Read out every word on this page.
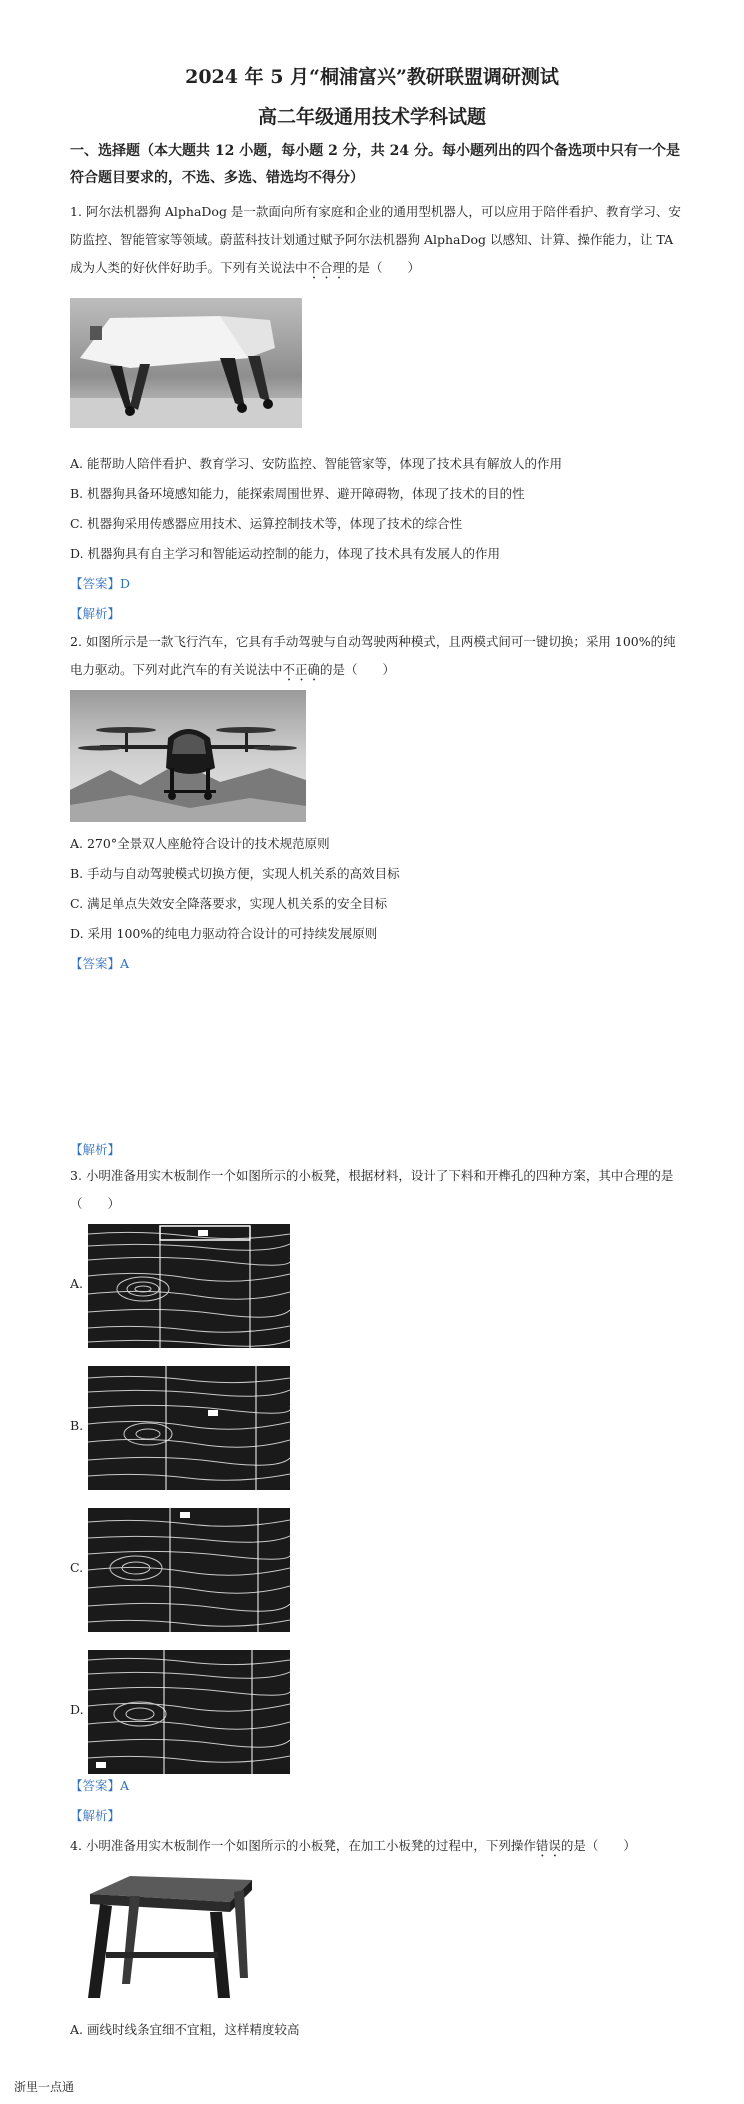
2024 年 5 月“桐浦富兴”教研联盟调研测试
高二年级通用技术学科试题
一、选择题（本大题共 12 小题，每小题 2 分，共 24 分。每小题列出的四个备选项中只有一个是符合题目要求的，不选、多选、错选均不得分）
1. 阿尔法机器狗 AlphaDog 是一款面向所有家庭和企业的通用型机器人，可以应用于陪伴看护、教育学习、安防监控、智能管家等领域。蔚蓝科技计划通过赋予阿尔法机器狗 AlphaDog 以感知、计算、操作能力，让 TA 成为人类的好伙伴好助手。下列有关说法中不合理的是（　　）
A. 能帮助人陪伴看护、教育学习、安防监控、智能管家等，体现了技术具有解放人的作用
B. 机器狗具备环境感知能力，能探索周围世界、避开障碍物，体现了技术的目的性
C. 机器狗采用传感器应用技术、运算控制技术等，体现了技术的综合性
D. 机器狗具有自主学习和智能运动控制的能力，体现了技术具有发展人的作用
【答案】D
【解析】
2. 如图所示是一款飞行汽车，它具有手动驾驶与自动驾驶两种模式，且两模式间可一键切换；采用 100%的纯电力驱动。下列对此汽车的有关说法中不正确的是（　　）
A. 270°全景双人座舱符合设计的技术规范原则
B. 手动与自动驾驶模式切换方便，实现人机关系的高效目标
C. 满足单点失效安全降落要求，实现人机关系的安全目标
D. 采用 100%的纯电力驱动符合设计的可持续发展原则
【答案】A
【解析】
3. 小明准备用实木板制作一个如图所示的小板凳，根据材料，设计了下料和开榫孔的四种方案，其中合理的是（　　）
A.
B.
C.
D.
【答案】A
【解析】
4. 小明准备用实木板制作一个如图所示的小板凳，在加工小板凳的过程中，下列操作错误的是（　　）
A. 画线时线条宜细不宜粗，这样精度较高
浙里一点通
